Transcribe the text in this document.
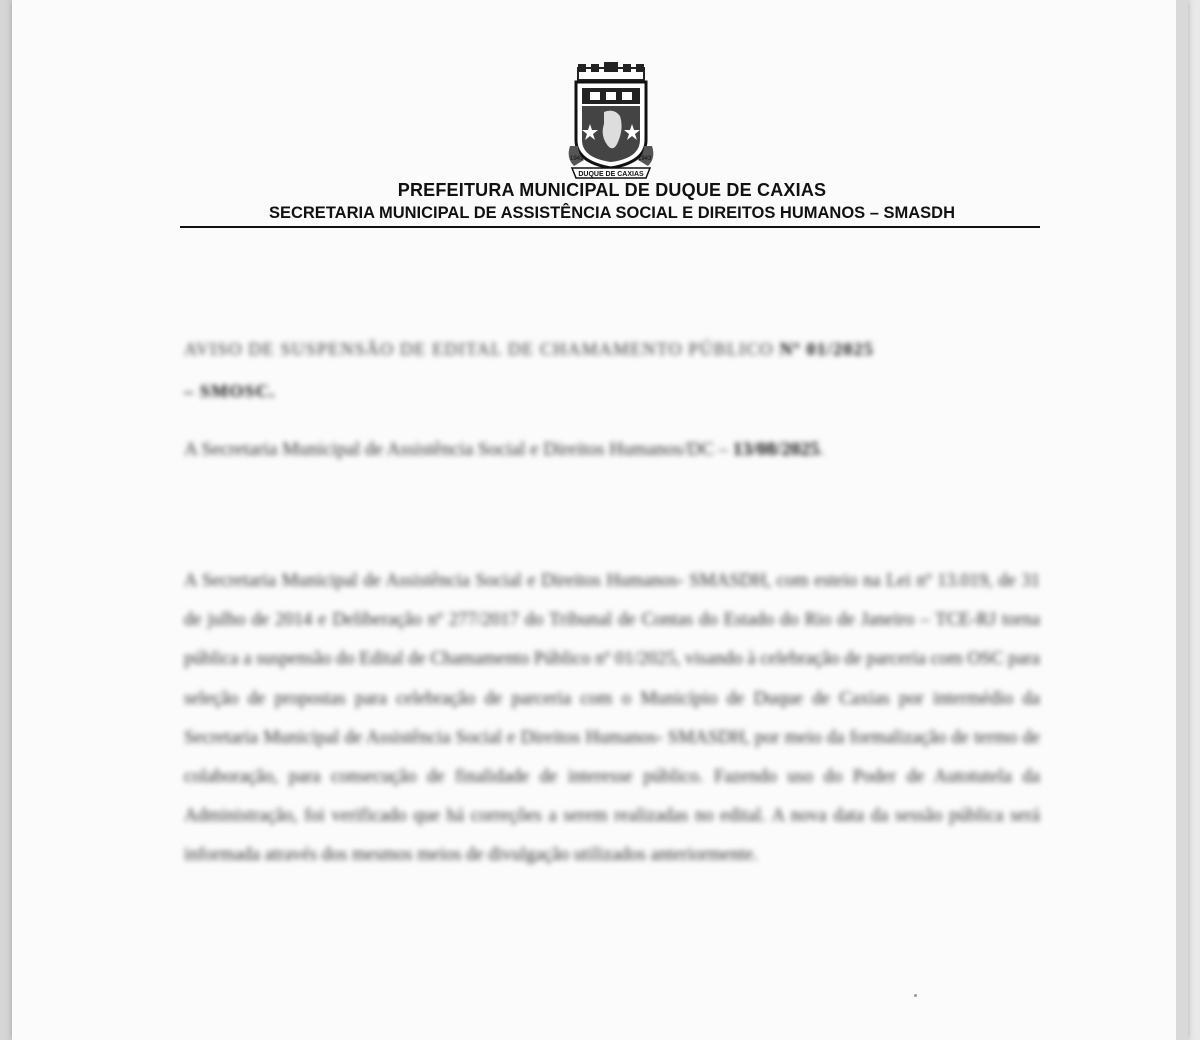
1943	1943
DUQUE DE CAXIAS
PREFEITURA MUNICIPAL DE DUQUE DE CAXIAS
SECRETARIA MUNICIPAL DE ASSISTÊNCIA SOCIAL E DIREITOS HUMANOS – SMASDH
AVISO DE SUSPENSÃO DE EDITAL DE CHAMAMENTO PÚBLICO Nº 01/2025
– SMOSC.
A Secretaria Municipal de Assistência Social e Direitos Humanos/DC – 13/08/2025.
A Secretaria Municipal de Assistência Social e Direitos Humanos- SMASDH, com esteio na Lei nº 13.019, de 31 de julho de 2014 e Deliberação nº 277/2017 do Tribunal de Contas do Estado do Rio de Janeiro – TCE-RJ torna pública a suspensão do Edital de Chamamento Público nº 01/2025, visando à celebração de parceria com OSC para seleção de propostas para celebração de parceria com o Município de Duque de Caxias por intermédio da Secretaria Municipal de Assistência Social e Direitos Humanos- SMASDH, por meio da formalização de termo de colaboração, para consecução de finalidade de interesse público. Fazendo uso do Poder de Autotutela da Administração, foi verificado que há correções a serem realizadas no edital. A nova data da sessão pública será informada através dos mesmos meios de divulgação utilizados anteriormente.
